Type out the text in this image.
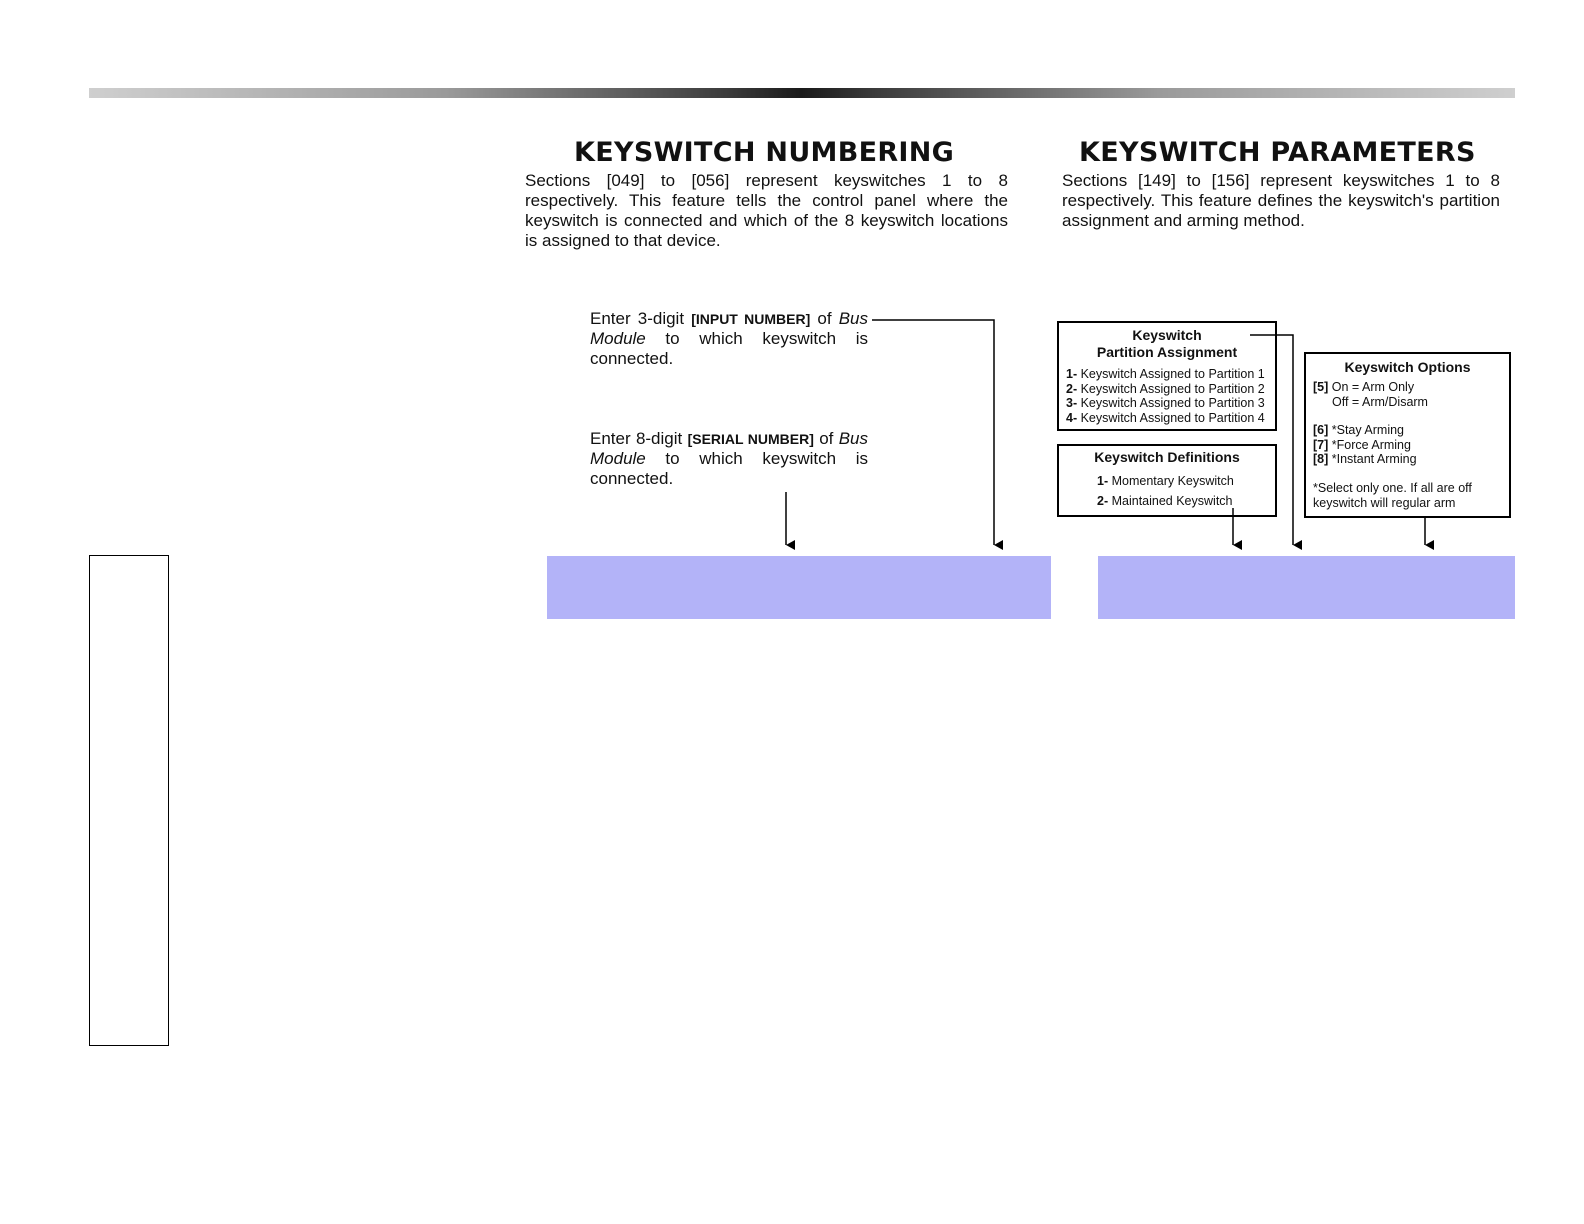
KEYSWITCH NUMBERING

Sections [049] to [056] represent keyswitches 1 to 8 respectively. This feature tells the control panel where the keyswitch is connected and which of the 8 keyswitch locations is assigned to that device.

Enter 3-digit [INPUT NUMBER] of Bus Module to which keyswitch is connected.

Enter 8-digit [SERIAL NUMBER] of Bus Module to which keyswitch is connected.

KEYSWITCH PARAMETERS

Sections [149] to [156] represent keyswitches 1 to 8 respectively. This feature defines the keyswitch's partition assignment and arming method.

Keyswitch
Partition Assignment
1- Keyswitch Assigned to Partition 1
2- Keyswitch Assigned to Partition 2
3- Keyswitch Assigned to Partition 3
4- Keyswitch Assigned to Partition 4
Keyswitch Definitions
1- Momentary Keyswitch
2- Maintained Keyswitch
Keyswitch Options
[5] On = Arm Only
Off = Arm/Disarm
[6] *Stay Arming
[7] *Force Arming
[8] *Instant Arming
*Select only one. If all are off
keyswitch will regular arm
